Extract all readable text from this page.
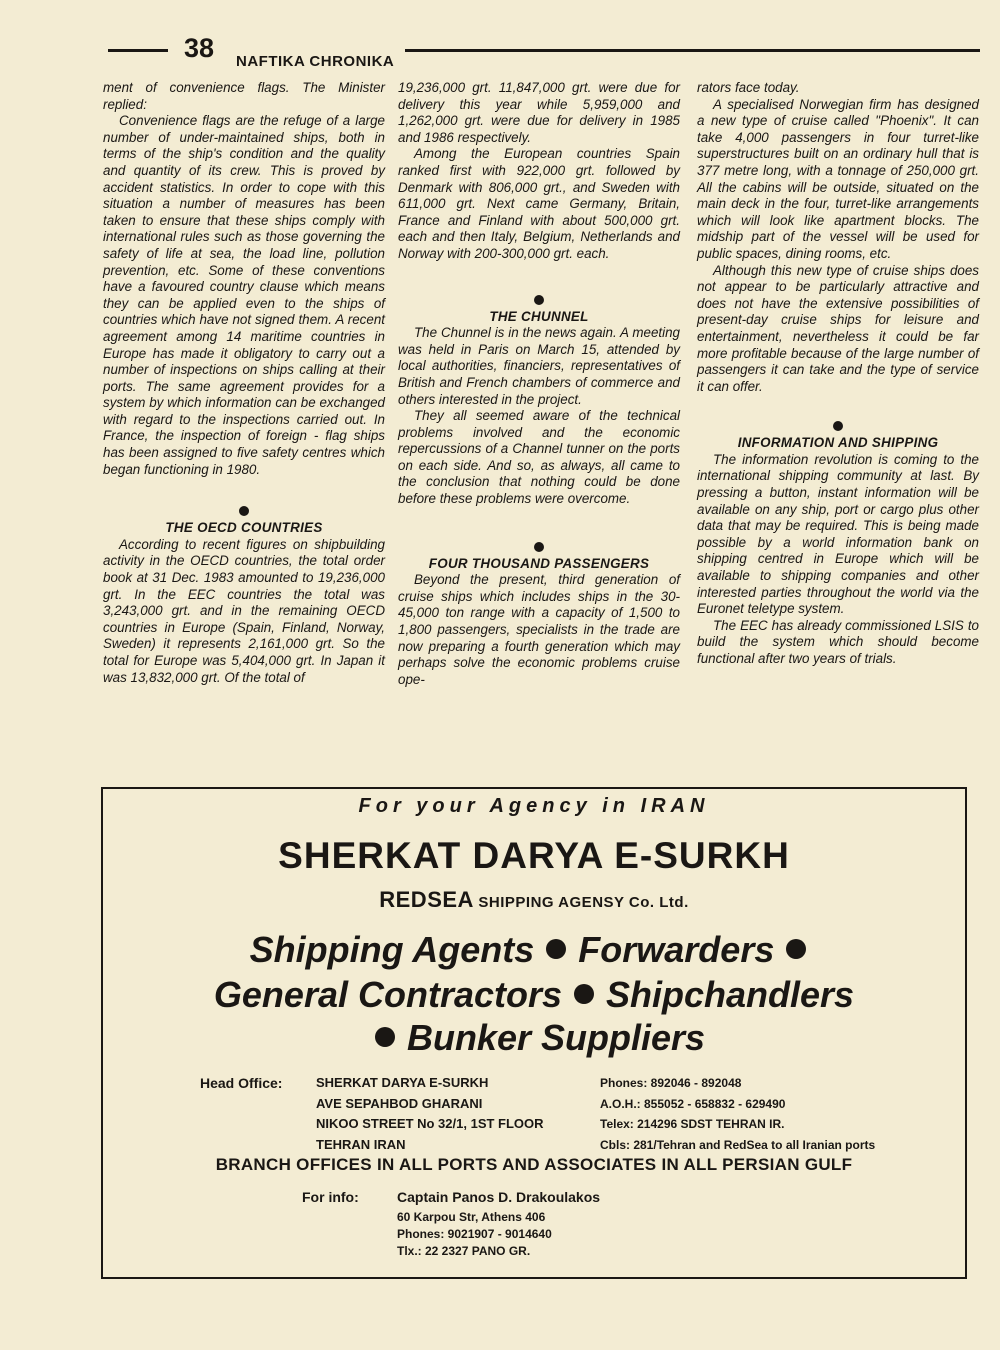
38 NAFTIKA CHRONIKA

ment of convenience flags. The Minister replied:

Convenience flags are the refuge of a large number of under-maintained ships, both in terms of the ship's condition and the quality and quantity of its crew. This is proved by accident statistics. In order to cope with this situation a number of measures has been taken to ensure that these ships comply with international rules such as those governing the safety of life at sea, the load line, pollution prevention, etc. Some of these conventions have a favoured country clause which means they can be applied even to the ships of countries which have not signed them. A recent agreement among 14 maritime countries in Europe has made it obligatory to carry out a number of inspections on ships calling at their ports. The same agreement provides for a system by which information can be exchanged with regard to the inspections carried out. In France, the inspection of foreign - flag ships has been assigned to five safety centres which began functioning in 1980.

THE OECD COUNTRIES

According to recent figures on shipbuilding activity in the OECD countries, the total order book at 31 Dec. 1983 amounted to 19,236,000 grt. In the EEC countries the total was 3,243,000 grt. and in the remaining OECD countries in Europe (Spain, Finland, Norway, Sweden) it represents 2,161,000 grt. So the total for Europe was 5,404,000 grt. In Japan it was 13,832,000 grt. Of the total of

19,236,000 grt. 11,847,000 grt. were due for delivery this year while 5,959,000 and 1,262,000 grt. were due for delivery in 1985 and 1986 respectively.

Among the European countries Spain ranked first with 922,000 grt. followed by Denmark with 806,000 grt., and Sweden with 611,000 grt. Next came Germany, Britain, France and Finland with about 500,000 grt. each and then Italy, Belgium, Netherlands and Norway with 200-300,000 grt. each.

THE CHUNNEL

The Chunnel is in the news again. A meeting was held in Paris on March 15, attended by local authorities, financiers, representatives of British and French chambers of commerce and others interested in the project.

They all seemed aware of the technical problems involved and the economic repercussions of a Channel tunner on the ports on each side. And so, as always, all came to the conclusion that nothing could be done before these problems were overcome.

FOUR THOUSAND PASSENGERS

Beyond the present, third generation of cruise ships which includes ships in the 30-45,000 ton range with a capacity of 1,500 to 1,800 passengers, specialists in the trade are now preparing a fourth generation which may perhaps solve the economic problems cruise ope-

rators face today.

A specialised Norwegian firm has designed a new type of cruise called "Phoenix". It can take 4,000 passengers in four turret-like superstructures built on an ordinary hull that is 377 metre long, with a tonnage of 250,000 grt. All the cabins will be outside, situated on the main deck in the four, turret-like arrangements which will look like apartment blocks. The midship part of the vessel will be used for public spaces, dining rooms, etc.

Although this new type of cruise ships does not appear to be particularly attractive and does not have the extensive possibilities of present-day cruise ships for leisure and entertainment, nevertheless it could be far more profitable because of the large number of passengers it can take and the type of service it can offer.

INFORMATION AND SHIPPING

The information revolution is coming to the international shipping community at last. By pressing a button, instant information will be available on any ship, port or cargo plus other data that may be required. This is being made possible by a world information bank on shipping centred in Europe which will be available to shipping companies and other interested parties throughout the world via the Euronet teletype system.

The EEC has already commissioned LSIS to build the system which should become functional after two years of trials.

For your Agency in IRAN
SHERKAT DARYA E-SURKH
REDSEA SHIPPING AGENSY Co. Ltd.
Shipping Agents Forwarders
General Contractors Shipchandlers
Bunker Suppliers
Head Office:	SHERKAT DARYA E-SURKH
AVE SEPAHBOD GHARANI
NIKOO STREET No 32/1, 1ST FLOOR
TEHRAN IRAN
Phones: 892046 - 892048
A.O.H.: 855052 - 658832 - 629490
Telex: 214296 SDST TEHRAN IR.
Cbls: 281/Tehran and RedSea to all Iranian ports
BRANCH OFFICES IN ALL PORTS AND ASSOCIATES IN ALL PERSIAN GULF
For info:	Captain Panos D. Drakoulakos
60 Karpou Str, Athens 406
Phones: 9021907 - 9014640
Tlx.: 22 2327 PANO GR.
